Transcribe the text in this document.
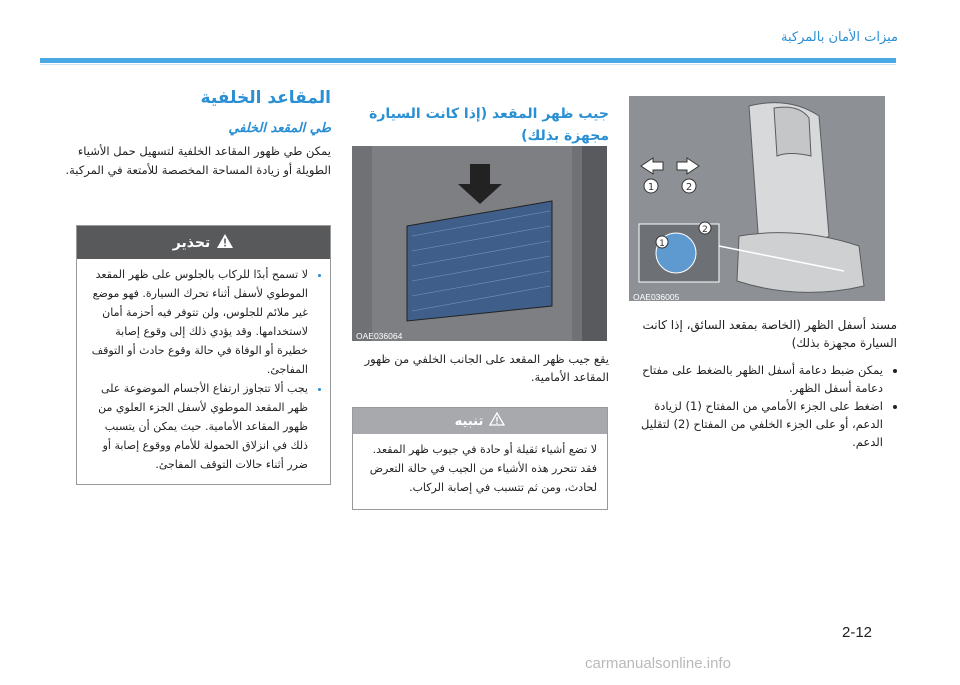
ميزات الأمان بالمركبة
1	2
1
2
OAE036005
مسند أسفل الظهر (الخاصة بمقعد السائق، إذا كانت السيارة مجهزة بذلك)
• يمكن ضبط دعامة أسفل الظهر بالضغط على مفتاح دعامة أسفل الظهر.
• اضغط على الجزء الأمامي من المفتاح (1) لزيادة الدعم، أو على الجزء الخلفي من المفتاح (2) لتقليل الدعم.
جيب ظهر المقعد (إذا كانت السيارة مجهزة بذلك)
OAE036064
يقع جيب ظهر المقعد على الجانب الخلفي من ظهور المقاعد الأمامية.
تنبيه
لا تضع أشياء ثقيلة أو حادة في جيوب ظهر المقعد. فقد تتحرر هذه الأشياء من الجيب في حالة التعرض لحادث، ومن ثم تتسبب في إصابة الركاب.
المقاعد الخلفية
طي المقعد الخلفي
يمكن طي ظهور المقاعد الخلفية لتسهيل حمل الأشياء الطويلة أو زيادة المساحة المخصصة للأمتعة في المركبة.
تحذير
• لا تسمح أبدًا للركاب بالجلوس على ظهر المقعد الموطوي لأسفل أثناء تحرك السيارة. فهو موضع غير ملائم للجلوس، ولن تتوفر فيه أحزمة أمان لاستخدامها. وقد يؤدي ذلك إلى وقوع إصابة خطيرة أو الوفاة في حالة وقوع حادث أو التوقف المفاجئ.
• يجب ألا تتجاوز ارتفاع الأجسام الموضوعة على ظهر المقعد الموطوي لأسفل الجزء العلوي من ظهور المقاعد الأمامية. حيث يمكن أن يتسبب ذلك في انزلاق الحمولة للأمام ووقوع إصابة أو ضرر أثناء حالات التوقف المفاجئ.
2-12
carmanualsonline.info
